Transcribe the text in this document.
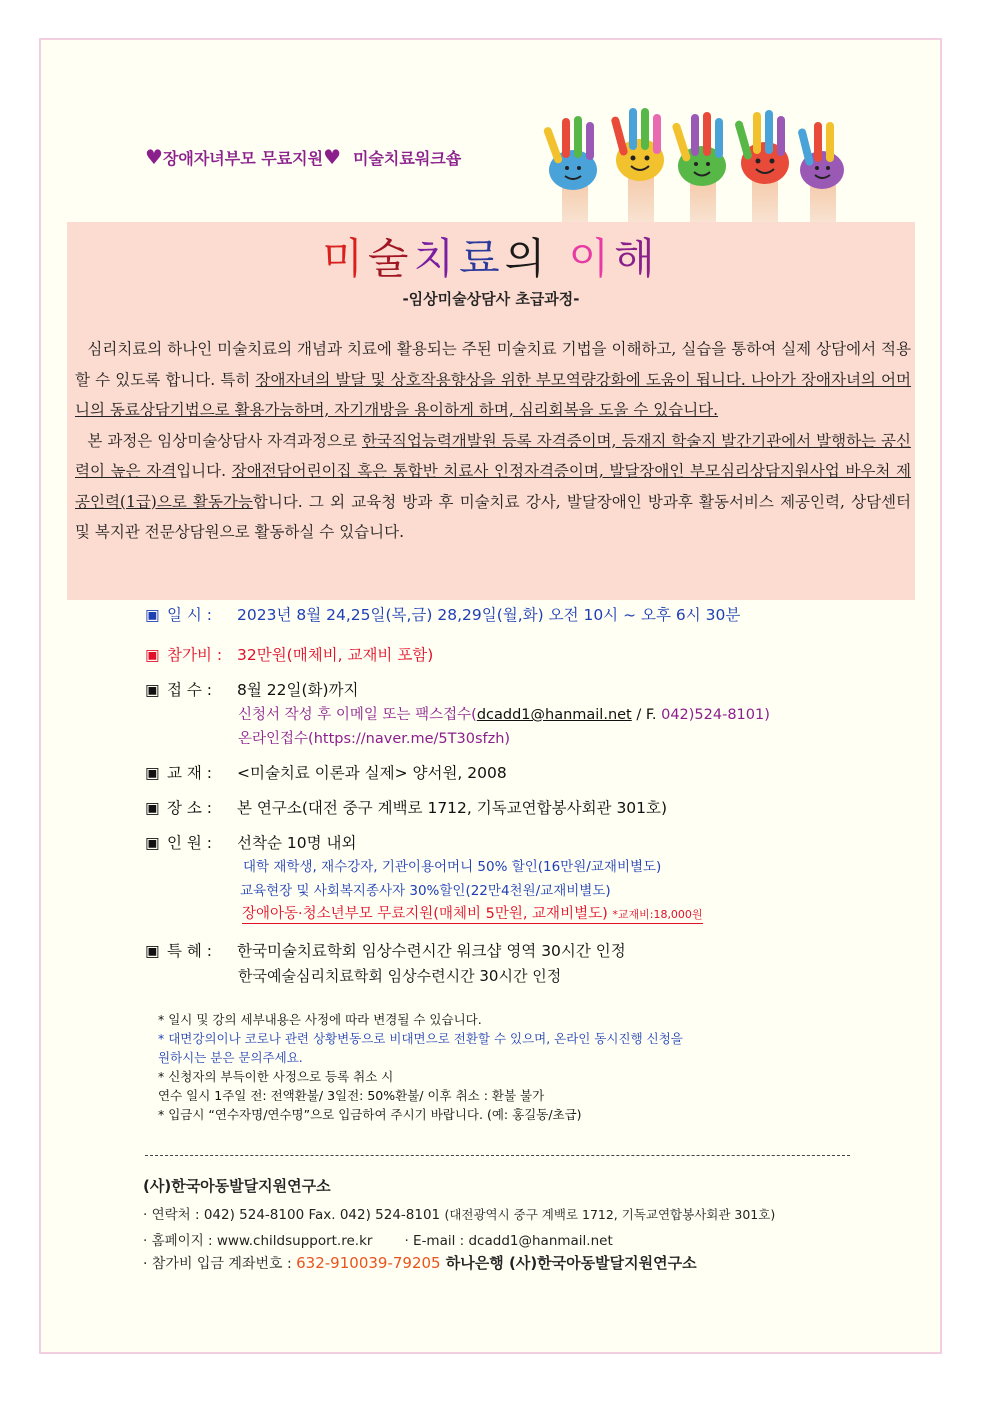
♥장애자녀부모 무료지원♥ 미술치료워크숍
미술치료의 이해
-임상미술상담사 초급과정-

심리치료의 하나인 미술치료의 개념과 치료에 활용되는 주된 미술치료 기법을 이해하고, 실습을 통하여 실제 상담에서 적용할 수 있도록 합니다. 특히 장애자녀의 발달 및 상호작용향상을 위한 부모역량강화에 도움이 됩니다. 나아가 장애자녀의 어머니의 동료상담기법으로 활용가능하며, 자기개방을 용이하게 하며, 심리회복을 도울 수 있습니다.

본 과정은 임상미술상담사 자격과정으로 한국직업능력개발원 등록 자격증이며, 등재지 학술지 발간기관에서 발행하는 공신력이 높은 자격입니다. 장애전담어린이집 혹은 통합반 치료사 인정자격증이며, 발달장애인 부모심리상담지원사업 바우처 제공인력(1급)으로 활동가능합니다. 그 외 교육청 방과 후 미술치료 강사, 발달장애인 방과후 활동서비스 제공인력, 상담센터 및 복지관 전문상담원으로 활동하실 수 있습니다.

▣ 일 시 : 2023년 8월 24,25일(목,금) 28,29일(월,화) 오전 10시 ~ 오후 6시 30분
▣ 참가비 : 32만원(매체비, 교재비 포함)
▣ 접 수 : 8월 22일(화)까지
신청서 작성 후 이메일 또는 팩스접수(dcadd1@hanmail.net / F. 042)524-8101)
온라인접수(https://naver.me/5T30sfzh)
▣ 교 재 : <미술치료 이론과 실제> 양서원, 2008
▣ 장 소 : 본 연구소(대전 중구 계백로 1712, 기독교연합봉사회관 301호)
▣ 인 원 : 선착순 10명 내외
대학 재학생, 재수강자, 기관이용어머니 50% 할인(16만원/교재비별도)
교육현장 및 사회복지종사자 30%할인(22만4천원/교재비별도)
장애아동·청소년부모 무료지원(매체비 5만원, 교재비별도) *교재비:18,000원
▣ 특 혜 : 한국미술치료학회 임상수련시간 워크샵 영역 30시간 인정
한국예술심리치료학회 임상수련시간 30시간 인정
* 일시 및 강의 세부내용은 사정에 따라 변경될 수 있습니다.
* 대면강의이나 코로나 관련 상황변동으로 비대면으로 전환할 수 있으며, 온라인 동시진행 신청을
원하시는 분은 문의주세요.
* 신청자의 부득이한 사정으로 등록 취소 시
연수 일시 1주일 전: 전액환불/ 3일전: 50%환불/ 이후 취소 : 환불 불가
* 입금시 “연수자명/연수명”으로 입금하여 주시기 바랍니다. (예: 홍길동/초급)
(사)한국아동발달지원연구소
· 연락처 : 042) 524-8100 Fax. 042) 524-8101 (대전광역시 중구 계백로 1712, 기독교연합봉사회관 301호)
· 홈페이지 : www.childsupport.re.kr · E-mail : dcadd1@hanmail.net
· 참가비 입금 계좌번호 : 632-910039-79205 하나은행 (사)한국아동발달지원연구소
